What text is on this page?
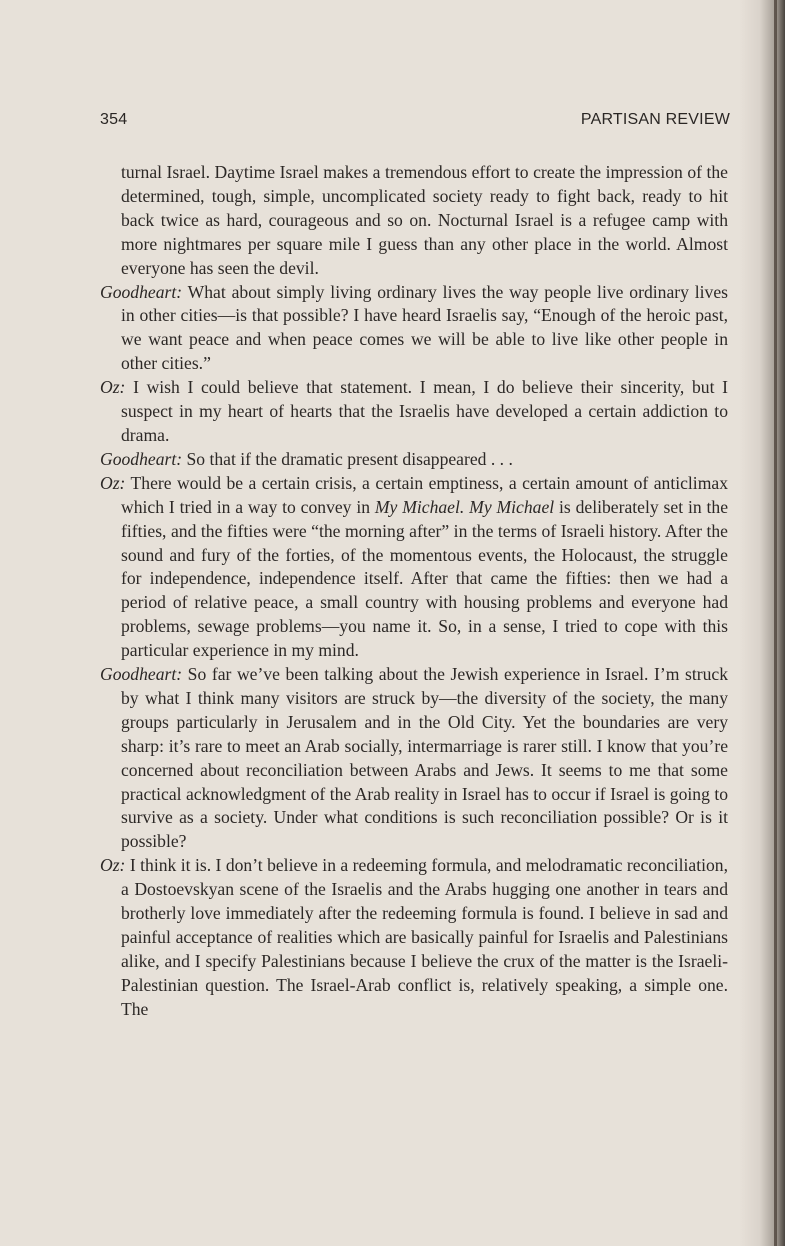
354	PARTISAN REVIEW

turnal Israel. Daytime Israel makes a tremendous effort to create the impression of the determined, tough, simple, uncomplicated society ready to fight back, ready to hit back twice as hard, courageous and so on. Nocturnal Israel is a refugee camp with more nightmares per square mile I guess than any other place in the world. Almost everyone has seen the devil.

Goodheart: What about simply living ordinary lives the way people live ordinary lives in other cities—is that possible? I have heard Israelis say, “Enough of the heroic past, we want peace and when peace comes we will be able to live like other people in other cities.”

Oz: I wish I could believe that statement. I mean, I do believe their sincerity, but I suspect in my heart of hearts that the Israelis have developed a certain addiction to drama.

Goodheart: So that if the dramatic present disappeared . . .

Oz: There would be a certain crisis, a certain emptiness, a certain amount of anticlimax which I tried in a way to convey in My Michael. My Michael is deliberately set in the fifties, and the fifties were “the morning after” in the terms of Israeli history. After the sound and fury of the forties, of the momentous events, the Holocaust, the struggle for independence, independence itself. After that came the fifties: then we had a period of relative peace, a small country with housing problems and everyone had problems, sewage problems—you name it. So, in a sense, I tried to cope with this particular experience in my mind.

Goodheart: So far we’ve been talking about the Jewish experience in Israel. I’m struck by what I think many visitors are struck by—the diversity of the society, the many groups particularly in Jerusalem and in the Old City. Yet the boundaries are very sharp: it’s rare to meet an Arab socially, intermarriage is rarer still. I know that you’re concerned about reconciliation between Arabs and Jews. It seems to me that some practical acknowledgment of the Arab reality in Israel has to occur if Israel is going to survive as a society. Under what conditions is such reconciliation possible? Or is it possible?

Oz: I think it is. I don’t believe in a redeeming formula, and melodramatic reconciliation, a Dostoevskyan scene of the Israelis and the Arabs hugging one another in tears and brotherly love immediately after the redeeming formula is found. I believe in sad and painful acceptance of realities which are basically painful for Israelis and Palestinians alike, and I specify Palestinians because I believe the crux of the matter is the Israeli-Palestinian question. The Israel-Arab conflict is, relatively speaking, a simple one. The
